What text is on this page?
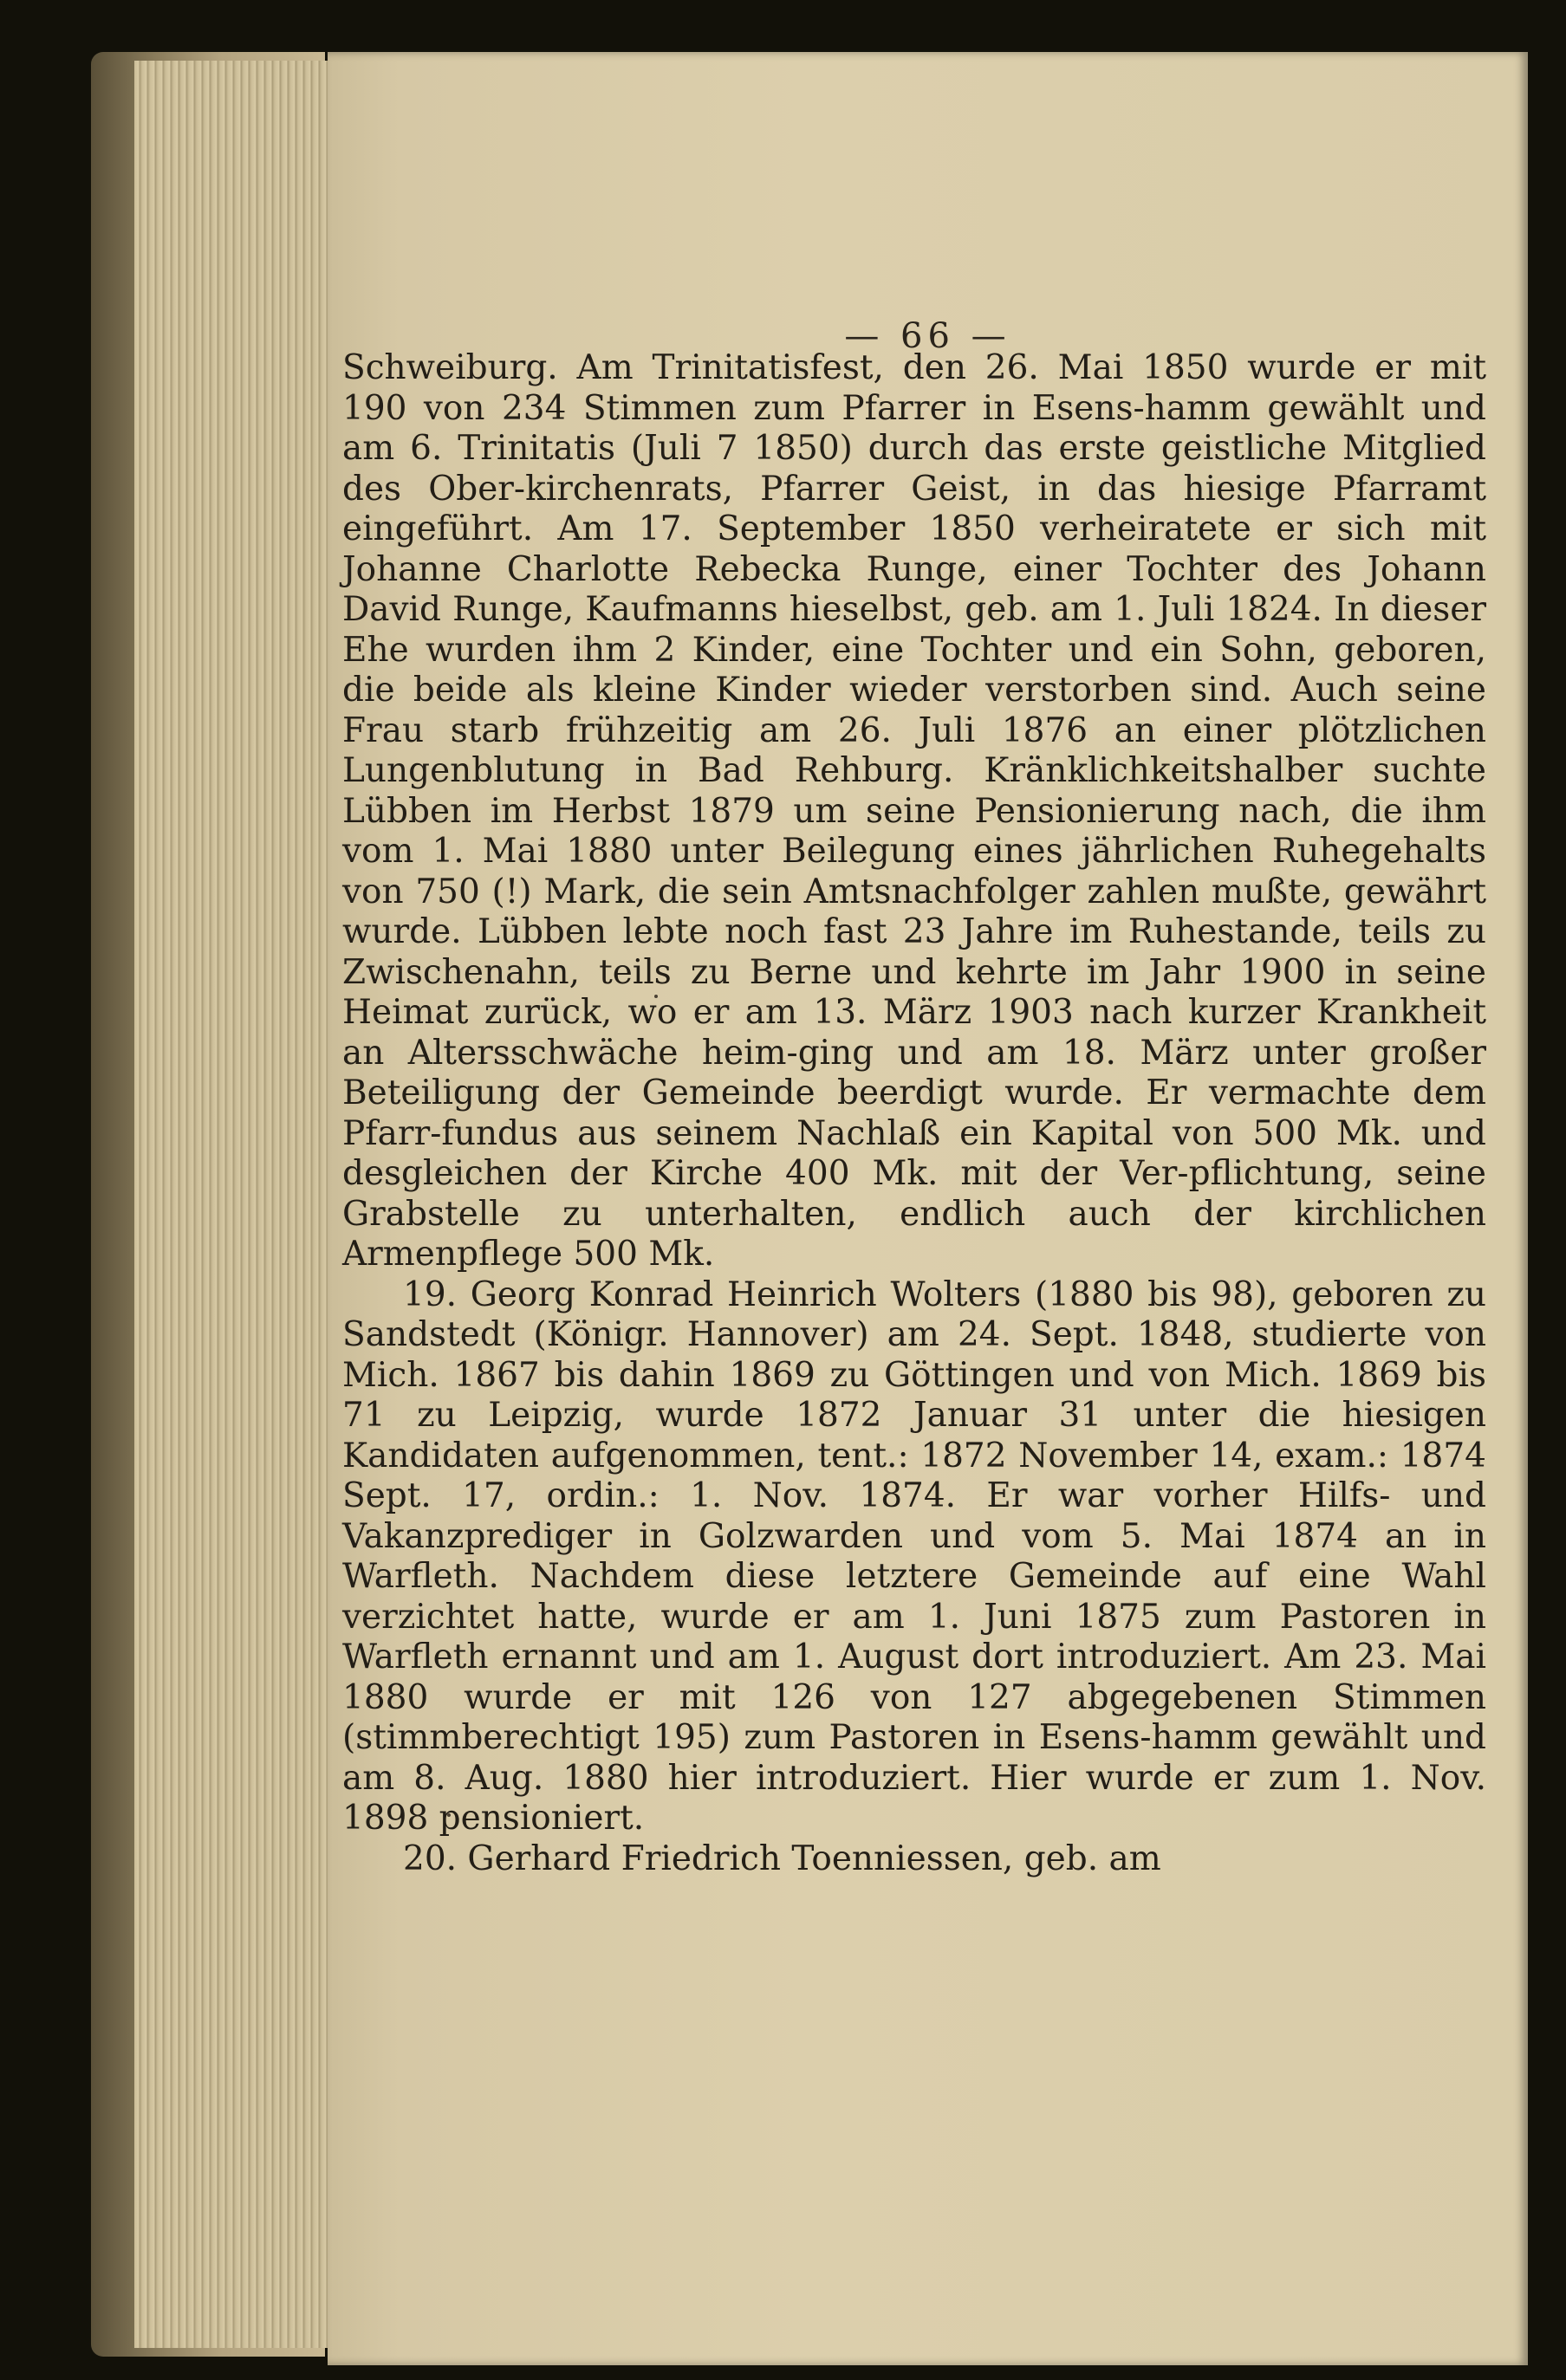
— 66 —

Schweiburg. Am Trinitatisfest, den 26. Mai 1850 wurde er mit 190 von 234 Stimmen zum Pfarrer in Esens-hamm gewählt und am 6. Trinitatis (Juli 7 1850) durch das erste geistliche Mitglied des Ober-kirchenrats, Pfarrer Geist, in das hiesige Pfarramt eingeführt. Am 17. September 1850 verheiratete er sich mit Johanne Charlotte Rebecka Runge, einer Tochter des Johann David Runge, Kaufmanns hieselbst, geb. am 1. Juli 1824. In dieser Ehe wurden ihm 2 Kinder, eine Tochter und ein Sohn, geboren, die beide als kleine Kinder wieder verstorben sind. Auch seine Frau starb frühzeitig am 26. Juli 1876 an einer plötzlichen Lungenblutung in Bad Rehburg. Kränklichkeitshalber suchte Lübben im Herbst 1879 um seine Pensionierung nach, die ihm vom 1. Mai 1880 unter Beilegung eines jährlichen Ruhegehalts von 750 (!) Mark, die sein Amtsnachfolger zahlen mußte, gewährt wurde. Lübben lebte noch fast 23 Jahre im Ruhestande, teils zu Zwischenahn, teils zu Berne und kehrte im Jahr 1900 in seine Heimat zurück, wo er am 13. März 1903 nach kurzer Krankheit an Altersschwäche heim-ging und am 18. März unter großer Beteiligung der Gemeinde beerdigt wurde. Er vermachte dem Pfarr-fundus aus seinem Nachlaß ein Kapital von 500 Mk. und desgleichen der Kirche 400 Mk. mit der Ver-pflichtung, seine Grabstelle zu unterhalten, endlich auch der kirchlichen Armenpflege 500 Mk.

19. Georg Konrad Heinrich Wolters (1880 bis 98), geboren zu Sandstedt (Königr. Hannover) am 24. Sept. 1848, studierte von Mich. 1867 bis dahin 1869 zu Göttingen und von Mich. 1869 bis 71 zu Leipzig, wurde 1872 Januar 31 unter die hiesigen Kandidaten aufgenommen, tent.: 1872 November 14, exam.: 1874 Sept. 17, ordin.: 1. Nov. 1874. Er war vorher Hilfs- und Vakanzprediger in Golzwarden und vom 5. Mai 1874 an in Warfleth. Nachdem diese letztere Gemeinde auf eine Wahl verzichtet hatte, wurde er am 1. Juni 1875 zum Pastoren in Warfleth ernannt und am 1. August dort introduziert. Am 23. Mai 1880 wurde er mit 126 von 127 abgegebenen Stimmen (stimmberechtigt 195) zum Pastoren in Esens-hamm gewählt und am 8. Aug. 1880 hier introduziert. Hier wurde er zum 1. Nov. 1898 pensioniert.

20. Gerhard Friedrich Toenniessen, geb. am
